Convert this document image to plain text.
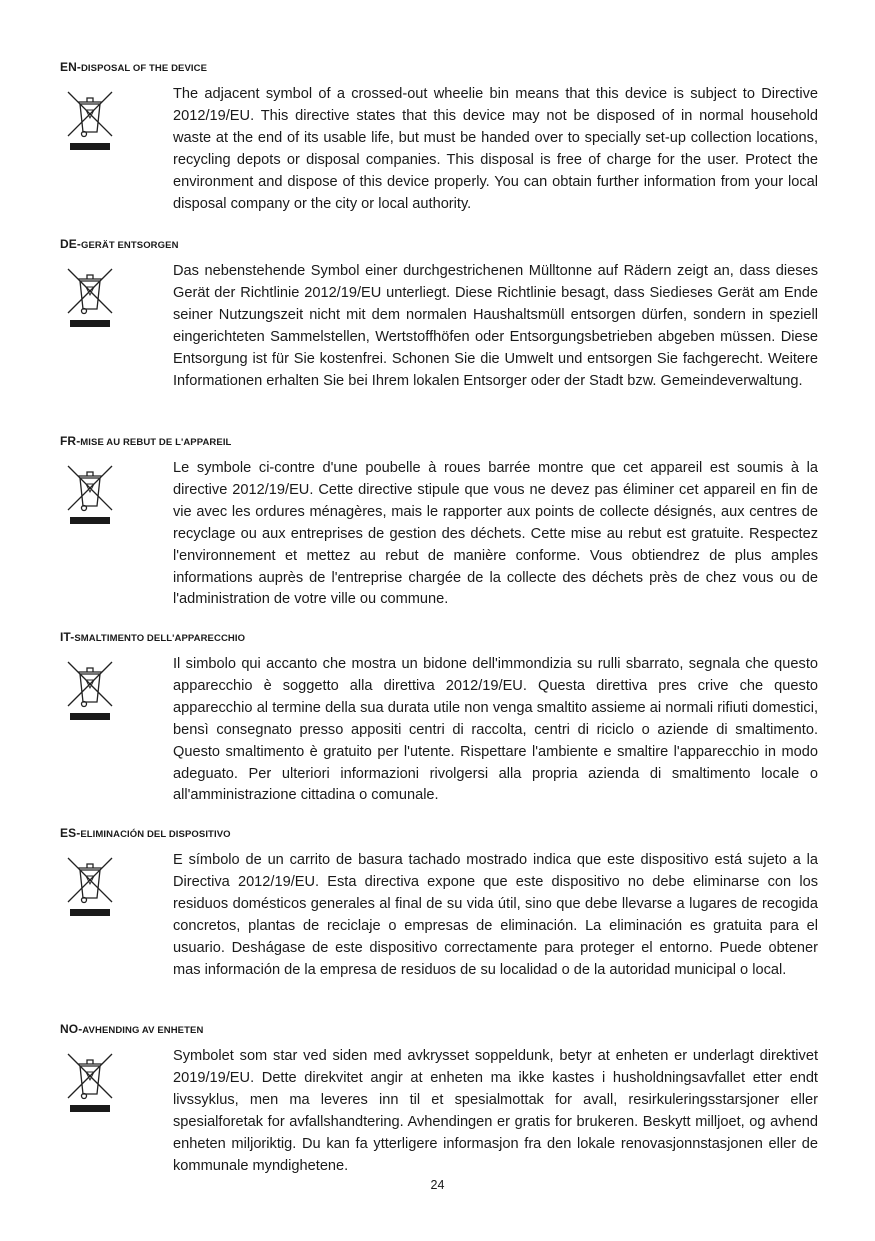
EN-DISPOSAL OF THE DEVICE

The adjacent symbol of a crossed-out wheelie bin means that this device is subject to Directive 2012/19/EU. This directive states that this device may not be disposed of in normal household waste at the end of its usable life, but must be handed over to specially set-up collection locations, recycling depots or disposal companies. This disposal is free of charge for the user. Protect the environment and dispose of this device properly. You can obtain further information from your local disposal company or the city or local authority.

DE-GERÄT ENTSORGEN

Das nebenstehende Symbol einer durchgestrichenen Mülltonne auf Rädern zeigt an, dass dieses Gerät der Richtlinie 2012/19/EU unterliegt. Diese Richtlinie besagt, dass Siedieses Gerät am Ende seiner Nutzungszeit nicht mit dem normalen Haushaltsmüll entsorgen dürfen, sondern in speziell eingerichteten Sammelstellen, Wertstoffhöfen oder Entsorgungsbetrieben abgeben müssen. Diese Entsorgung ist für Sie kostenfrei. Schonen Sie die Umwelt und entsorgen Sie fachgerecht. Weitere Informationen erhalten Sie bei Ihrem lokalen Entsorger oder der Stadt bzw. Gemeindeverwaltung.

FR-MISE AU REBUT DE L'APPAREIL

Le symbole ci-contre d'une poubelle à roues barrée montre que cet appareil est soumis à la directive 2012/19/EU. Cette directive stipule que vous ne devez pas éliminer cet appareil en fin de vie avec les ordures ménagères, mais le rapporter aux points de collecte désignés, aux centres de recyclage ou aux entreprises de gestion des déchets. Cette mise au rebut est gratuite. Respectez l'environnement et mettez au rebut de manière conforme. Vous obtiendrez de plus amples informations auprès de l'entreprise chargée de la collecte des déchets près de chez vous ou de l'administration de votre ville ou commune.

IT-SMALTIMENTO DELL'APPARECCHIO

Il simbolo qui accanto che mostra un bidone dell'immondizia su rulli sbarrato, segnala che questo apparecchio è soggetto alla direttiva 2012/19/EU. Questa direttiva pres crive che questo apparecchio al termine della sua durata utile non venga smaltito assieme ai normali rifiuti domestici, bensì consegnato presso appositi centri di raccolta, centri di riciclo o aziende di smaltimento. Questo smaltimento è gratuito per l'utente. Rispettare l'ambiente e smaltire l'apparecchio in modo adeguato. Per ulteriori informazioni rivolgersi alla propria azienda di smaltimento locale o all'amministrazione cittadina o comunale.

ES-ELIMINACIÓN DEL DISPOSITIVO

E símbolo de un carrito de basura tachado mostrado indica que este dispositivo está sujeto a la Directiva 2012/19/EU. Esta directiva expone que este dispositivo no debe eliminarse con los residuos domésticos generales al final de su vida útil, sino que debe llevarse a lugares de recogida concretos, plantas de reciclaje o empresas de eliminación. La eliminación es gratuita para el usuario. Deshágase de este dispositivo correctamente para proteger el entorno. Puede obtener mas información de la empresa de residuos de su localidad o de la autoridad municipal o local.

NO-AVHENDING AV ENHETEN

Symbolet som star ved siden med avkrysset soppeldunk, betyr at enheten er underlagt direktivet 2019/19/EU. Dette direkvitet angir at enheten ma ikke kastes i husholdningsavfallet etter endt livssyklus, men ma leveres inn til et spesialmottak for avall, resirkuleringsstarsjoner eller spesialforetak for avfallshandtering. Avhendingen er gratis for brukeren. Beskytt milljoet, og avhend enheten miljoriktig. Du kan fa ytterligere informasjon fra den lokale renovasjonnstasjonen eller de kommunale myndighetene.

24
